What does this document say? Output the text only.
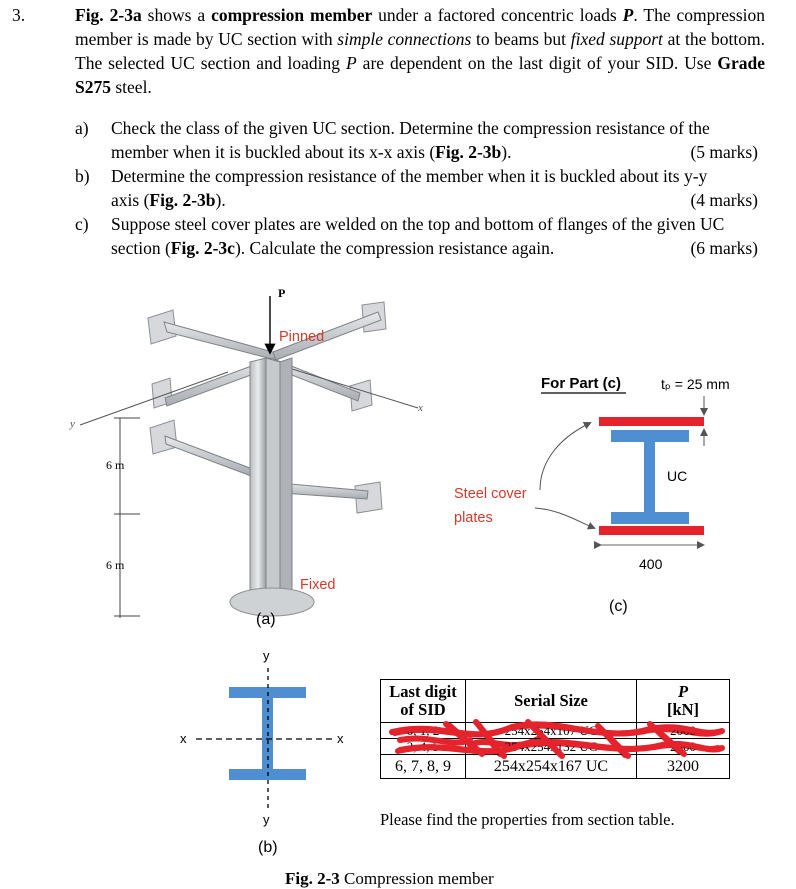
3.	Fig. 2-3a shows a compression member under a factored concentric loads P. The compression member is made by UC section with simple connections to beams but fixed support at the bottom. The selected UC section and loading P are dependent on the last digit of your SID. Use Grade S275 steel.
a) Check the class of the given UC section. Determine the compression resistance of the
member when it is buckled about its x-x axis (Fig. 2-3b).	(5 marks)
b) Determine the compression resistance of the member when it is buckled about its y-y
axis (Fig. 2-3b).	(4 marks)
c) Suppose steel cover plates are welded on the top and bottom of flanges of the given UC
section (Fig. 2-3c). Calculate the compression resistance again.	(6 marks)
P
Pinned
x
y
6 m
6 m
Fixed
(a)
y
y
x	x
(b)
For Part (c)	tₚ = 25 mm
UC
Steel cover
plates
400
(c)
Last digit
of SID	Serial Size	P
[kN]
0, 1, 2	254x254x107 UC	2000
3, 4, 5	254x254x132 UC	2500
6, 7, 8, 9	254x254x167 UC	3200
Please find the properties from section table.
Fig. 2-3 Compression member
